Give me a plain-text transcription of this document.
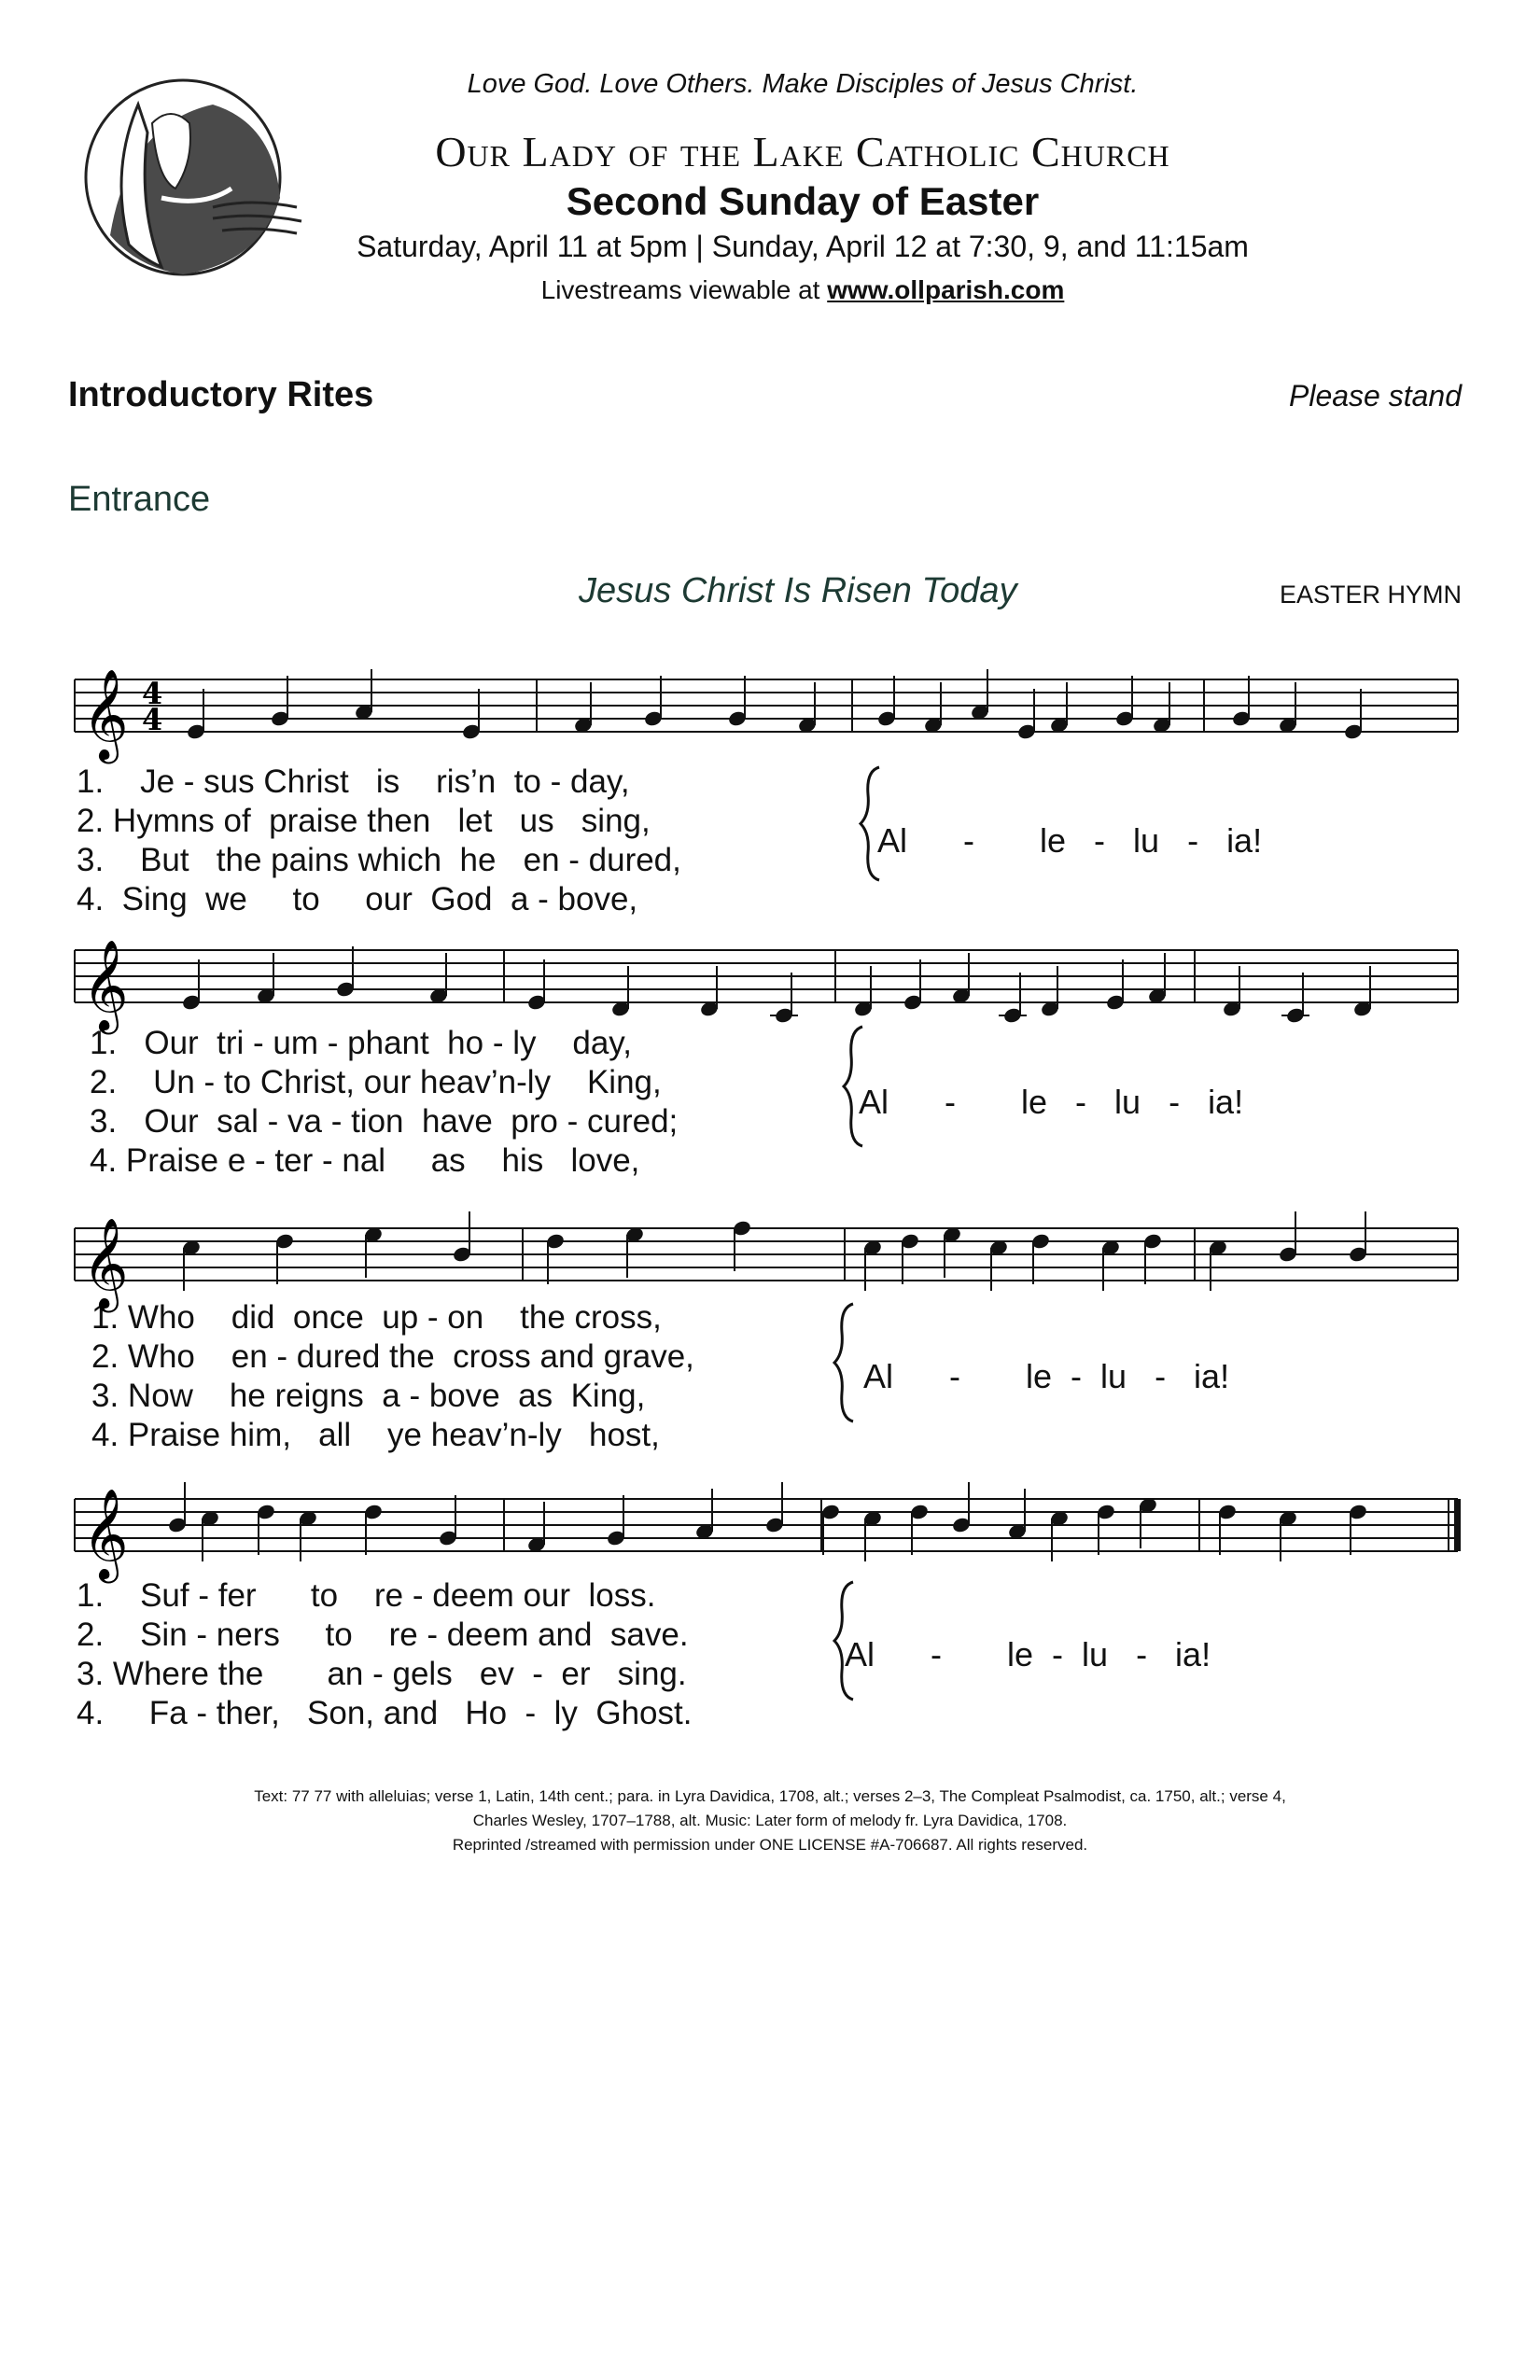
Love God. Love Others. Make Disciples of Jesus Christ.
Our Lady of the Lake Catholic Church
Second Sunday of Easter
Saturday, April 11 at 5pm | Sunday, April 12 at 7:30, 9, and 11:15am
Livestreams viewable at www.ollparish.com
Introductory Rites	Please stand
Entrance
Jesus Christ Is Risen Today	EASTER HYMN
1.    Je - sus Christ   is    ris’n  to - day,
2. Hymns of  praise then   let   us   sing,
3.    But   the pains which  he   en - dured,
4.  Sing  we     to     our  God  a - bove,
Al      -       le   -   lu   -   ia!
𝄞 4
4
1.   Our  tri - um - phant  ho - ly    day,
2.    Un - to Christ, our heav’n-ly    King,
3.   Our  sal - va - tion  have  pro - cured;
4. Praise e - ter - nal     as    his   love,
Al      -       le   -   lu   -   ia!
𝄞
1. Who    did  once  up - on    the cross,
2. Who    en - dured the  cross and grave,
3. Now    he reigns  a - bove  as  King,
4. Praise him,   all    ye heav’n-ly   host,
Al      -       le  -  lu   -   ia!
𝄞
1.    Suf - fer      to    re - deem our  loss.
2.    Sin - ners     to    re - deem and  save.
3. Where the       an - gels   ev  -  er   sing.
4.     Fa - ther,   Son, and   Ho  -  ly  Ghost.
Al      -       le  -  lu   -   ia!
𝄞
Text: 77 77 with alleluias; verse 1, Latin, 14th cent.; para. in Lyra Davidica, 1708, alt.; verses 2–3, The Compleat Psalmodist, ca. 1750, alt.; verse 4,
Charles Wesley, 1707–1788, alt. Music: Later form of melody fr. Lyra Davidica, 1708.
Reprinted /streamed with permission under ONE LICENSE #A-706687. All rights reserved.
